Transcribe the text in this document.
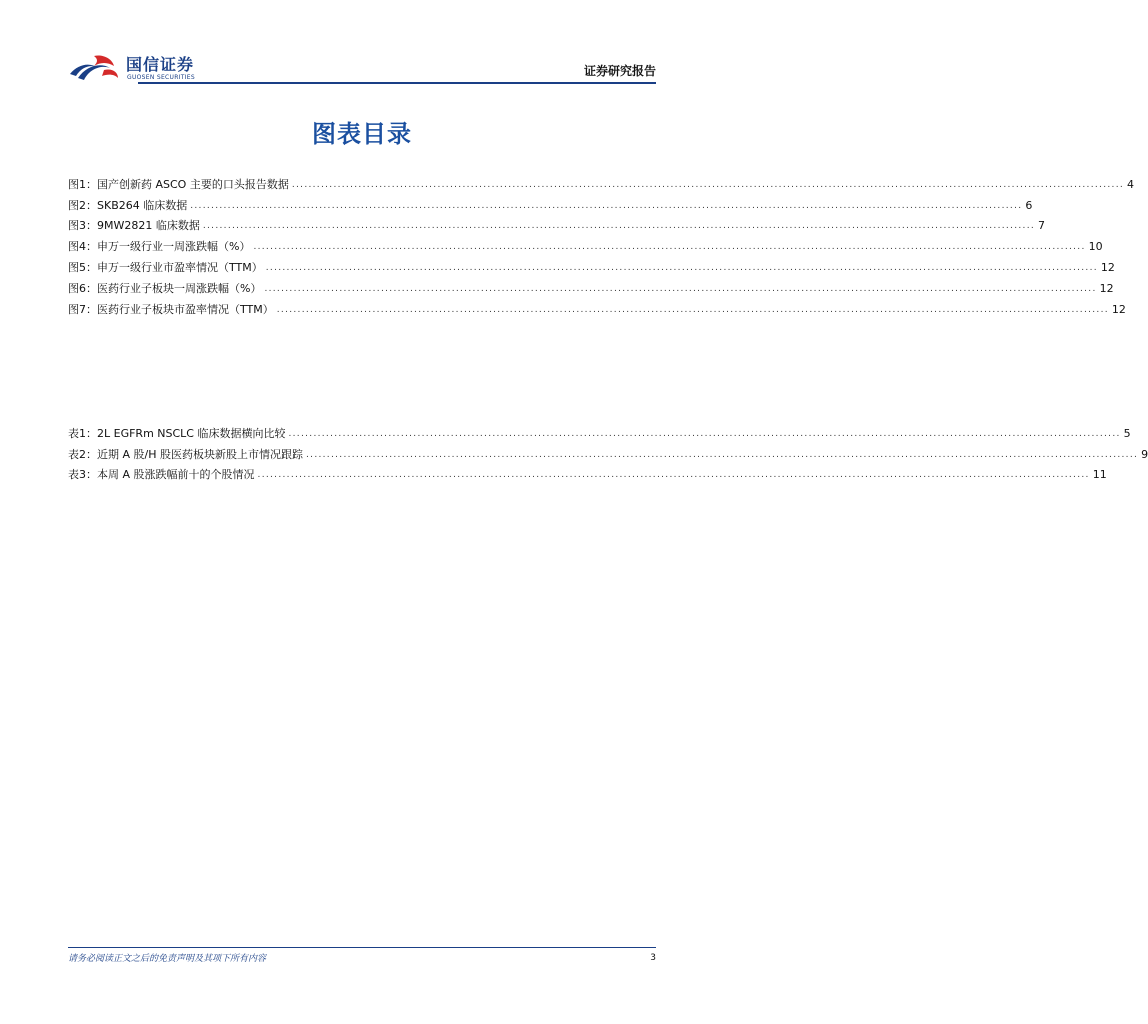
国信证券
GUOSEN SECURITIES	证券研究报告
图表目录
图1： 国产创新药 ASCO 主要的口头报告数据 ........................................................................................................................................................................................................ 4
图2： SKB264 临床数据 ........................................................................................................................................................................................................ 6
图3： 9MW2821 临床数据 ........................................................................................................................................................................................................ 7
图4： 申万一级行业一周涨跌幅（%） ........................................................................................................................................................................................................ 10
图5： 申万一级行业市盈率情况（TTM） ........................................................................................................................................................................................................ 12
图6： 医药行业子板块一周涨跌幅（%） ........................................................................................................................................................................................................ 12
图7： 医药行业子板块市盈率情况（TTM） ........................................................................................................................................................................................................ 12
表1： 2L EGFRm NSCLC 临床数据横向比较 ........................................................................................................................................................................................................ 5
表2： 近期 A 股/H 股医药板块新股上市情况跟踪 ........................................................................................................................................................................................................ 9
表3： 本周 A 股涨跌幅前十的个股情况 ........................................................................................................................................................................................................ 11
请务必阅读正文之后的免责声明及其项下所有内容	3
